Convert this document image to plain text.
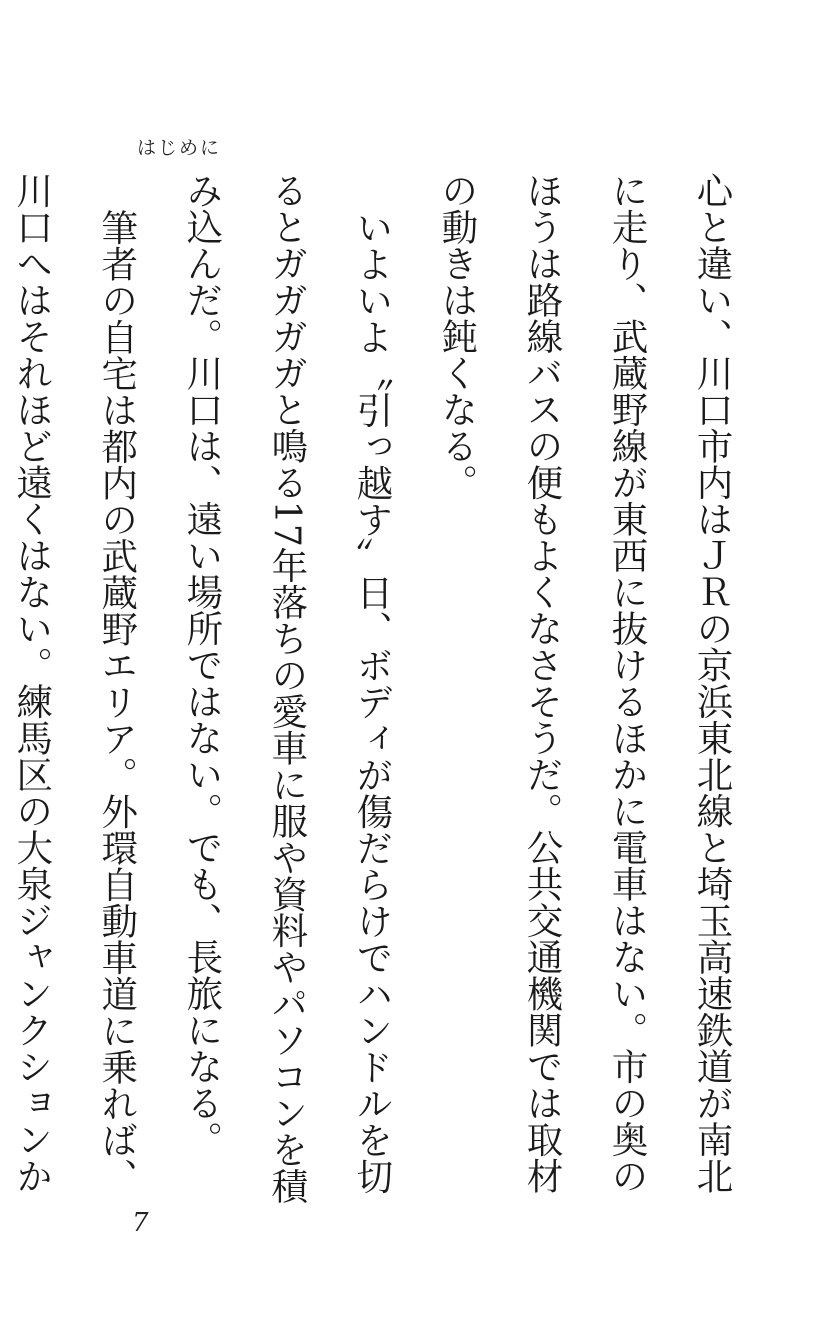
はじめに

心と違い、川口市内はＪＲの京浜東北線と埼玉高速鉄道が南北に走り、武蔵野線が東西に抜けるほかに電車はない。市の奥のほうは路線バスの便もよくなさそうだ。公共交通機関では取材の動きは鈍くなる。

いよいよ〝引っ越す〟日、ボディが傷だらけでハンドルを切るとガガガガと鳴る17年落ちの愛車に服や資料やパソコンを積み込んだ。川口は、遠い場所ではない。でも、長旅になる。

筆者の自宅は都内の武蔵野エリア。外環自動車道に乗れば、川口へはそれほど遠くはない。練馬区の大泉ジャンクションか

7
